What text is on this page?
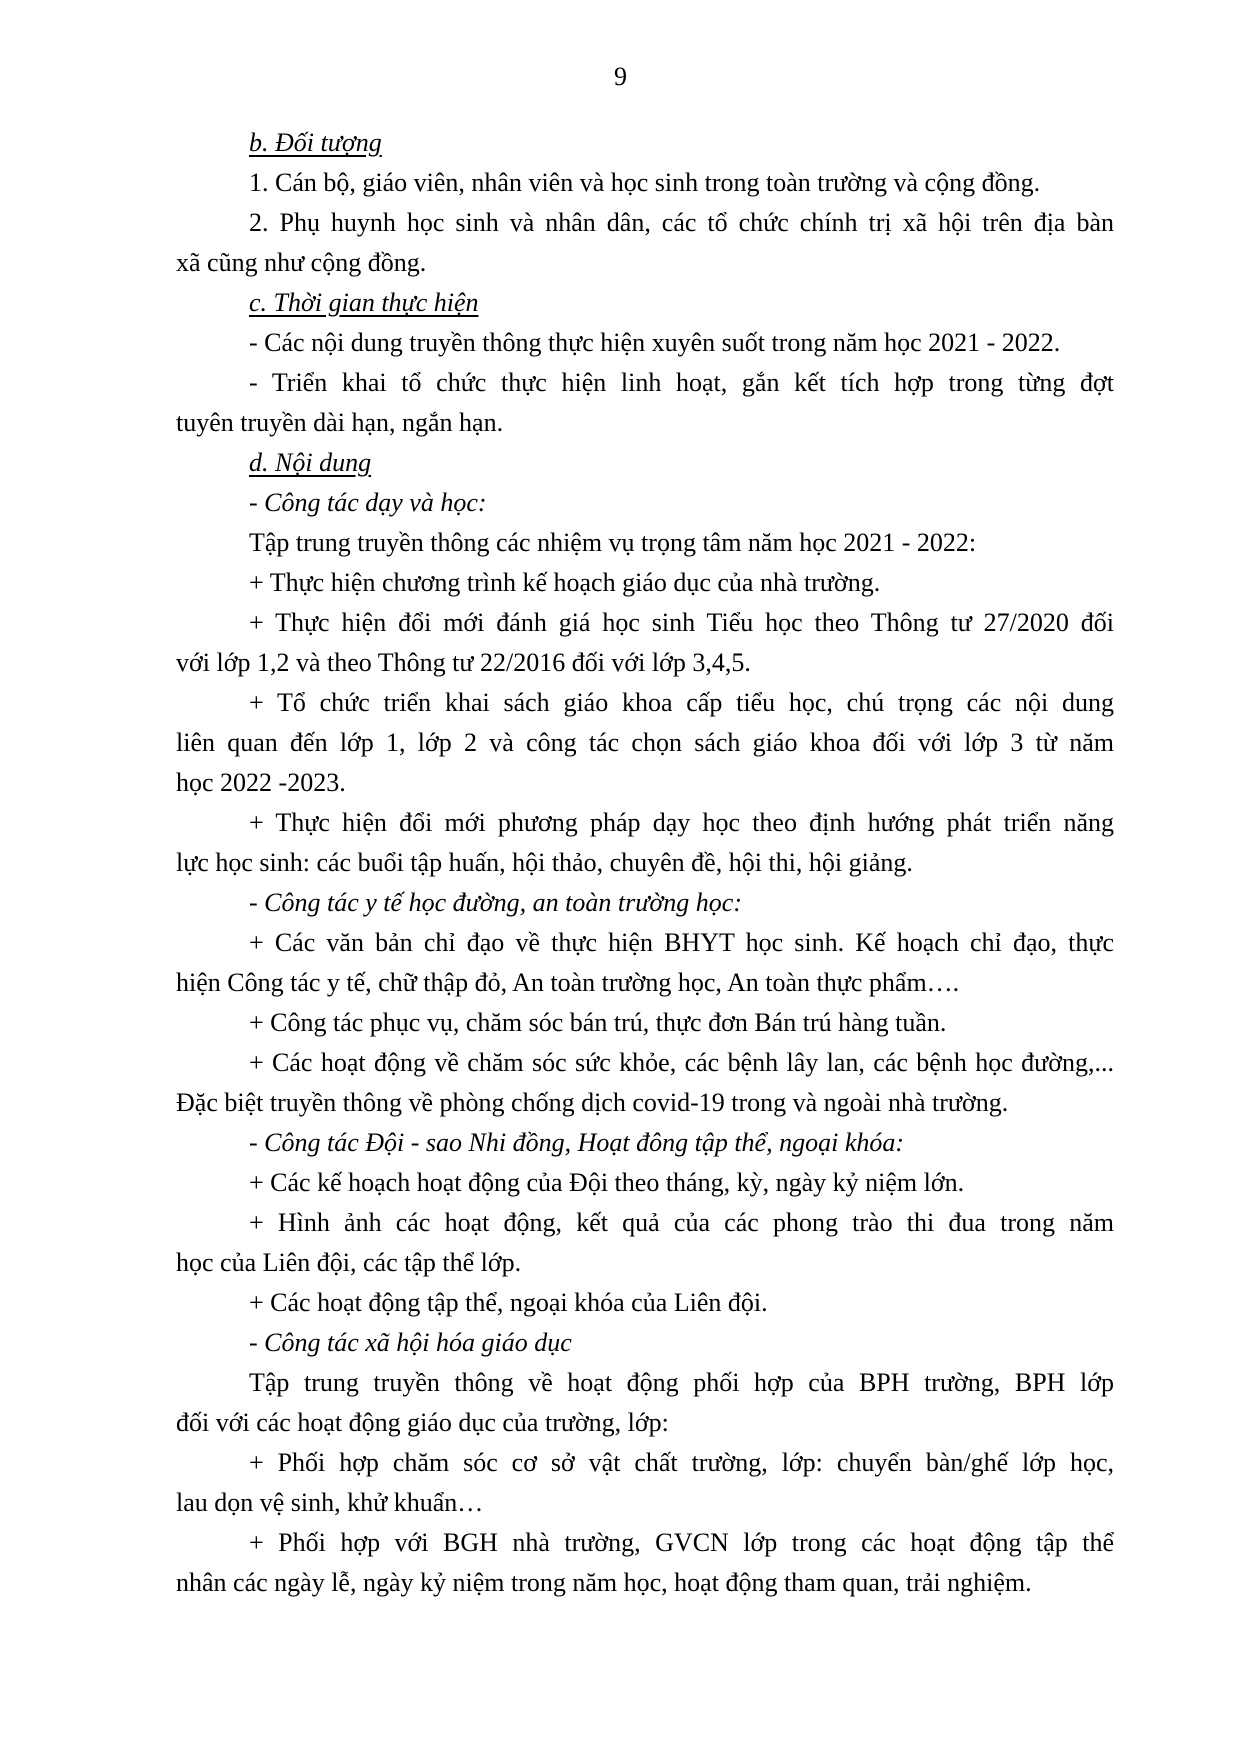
9
b. Đối tượng
1. Cán bộ, giáo viên, nhân viên và học sinh trong toàn trường và cộng đồng.
2. Phụ huynh học sinh và nhân dân, các tổ chức chính trị xã hội trên địa bàn
xã cũng như cộng đồng.
c. Thời gian thực hiện
- Các nội dung truyền thông thực hiện xuyên suốt trong năm học 2021 - 2022.
- Triển khai tổ chức thực hiện linh hoạt, gắn kết tích hợp trong từng đợt
tuyên truyền dài hạn, ngắn hạn.
d. Nội dung
- Công tác dạy và học:
Tập trung truyền thông các nhiệm vụ trọng tâm năm học 2021 - 2022:
+ Thực hiện chương trình kế hoạch giáo dục của nhà trường.
+ Thực hiện đổi mới đánh giá học sinh Tiểu học theo Thông tư 27/2020 đối
với lớp 1,2 và theo Thông tư 22/2016 đối với lớp 3,4,5.
+ Tổ chức triển khai sách giáo khoa cấp tiểu học, chú trọng các nội dung
liên quan đến lớp 1, lớp 2 và công tác chọn sách giáo khoa đối với lớp 3 từ năm
học 2022 -2023.
+ Thực hiện đổi mới phương pháp dạy học theo định hướng phát triển năng
lực học sinh: các buổi tập huấn, hội thảo, chuyên đề, hội thi, hội giảng.
- Công tác y tế học đường, an toàn trường học:
+ Các văn bản chỉ đạo về thực hiện BHYT học sinh. Kế hoạch chỉ đạo, thực
hiện Công tác y tế, chữ thập đỏ, An toàn trường học, An toàn thực phẩm….
+ Công tác phục vụ, chăm sóc bán trú, thực đơn Bán trú hàng tuần.
+ Các hoạt động về chăm sóc sức khỏe, các bệnh lây lan, các bệnh học đường,...
Đặc biệt truyền thông về phòng chống dịch covid-19 trong và ngoài nhà trường.
- Công tác Đội - sao Nhi đồng, Hoạt đông tập thể, ngoại khóa:
+ Các kế hoạch hoạt động của Đội theo tháng, kỳ, ngày kỷ niệm lớn.
+ Hình ảnh các hoạt động, kết quả của các phong trào thi đua trong năm
học của Liên đội, các tập thể lớp.
+ Các hoạt động tập thể, ngoại khóa của Liên đội.
- Công tác xã hội hóa giáo dục
Tập trung truyền thông về hoạt động phối hợp của BPH trường, BPH lớp
đối với các hoạt động giáo dục của trường, lớp:
+ Phối hợp chăm sóc cơ sở vật chất trường, lớp: chuyển bàn/ghế lớp học,
lau dọn vệ sinh, khử khuẩn…
+ Phối hợp với BGH nhà trường, GVCN lớp trong các hoạt động tập thể
nhân các ngày lễ, ngày kỷ niệm trong năm học, hoạt động tham quan, trải nghiệm.
